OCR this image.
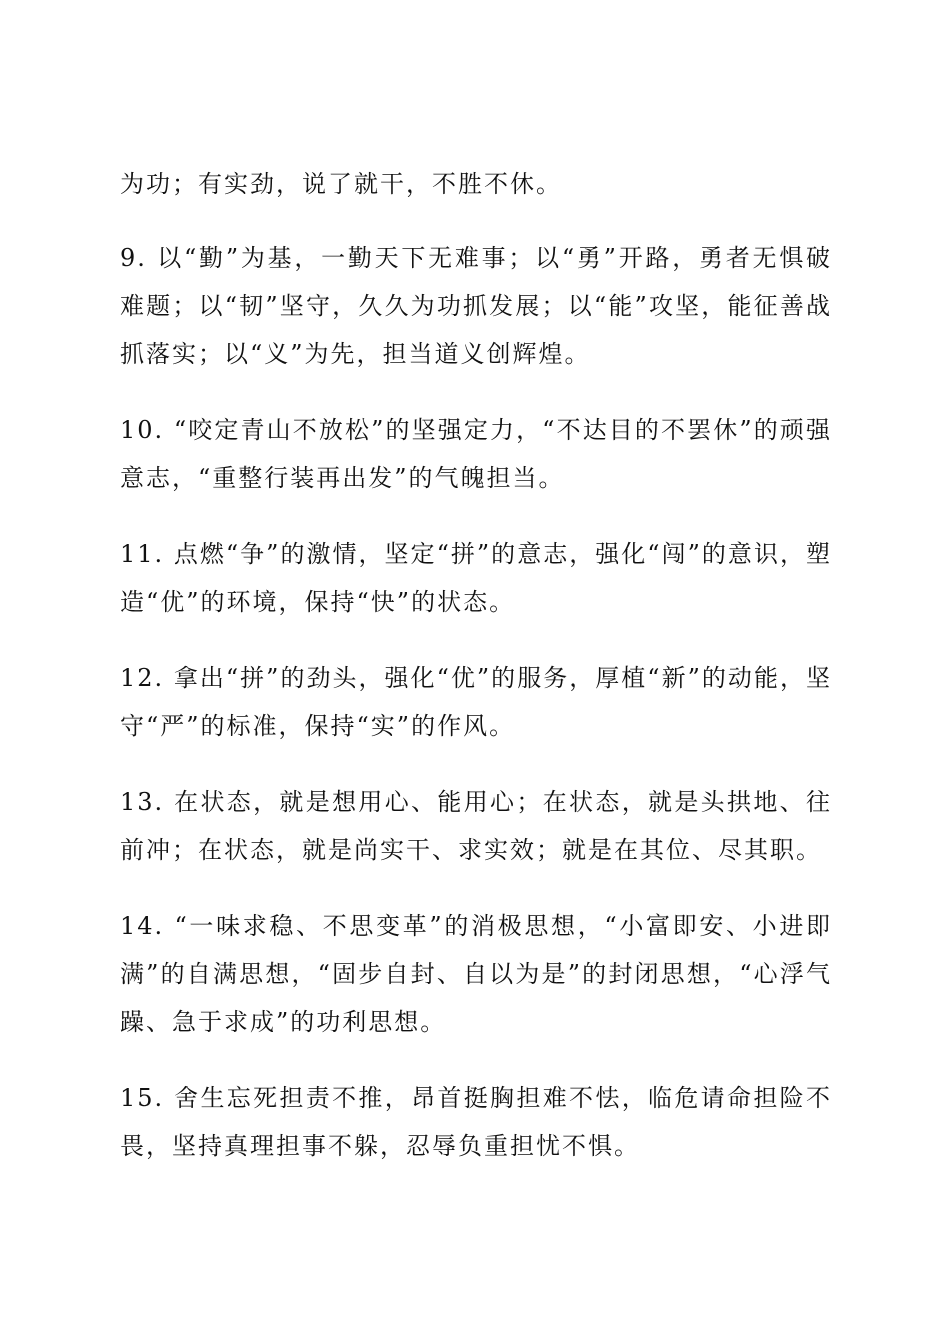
为功；有实劲，说了就干，不胜不休。

9. 以“勤”为基，一勤天下无难事；以“勇”开路，勇者无惧破难题；以“韧”坚守，久久为功抓发展；以“能”攻坚，能征善战抓落实；以“义”为先，担当道义创辉煌。

10. “咬定青山不放松”的坚强定力，“不达目的不罢休”的顽强意志，“重整行装再出发”的气魄担当。

11. 点燃“争”的激情，坚定“拼”的意志，强化“闯”的意识，塑造“优”的环境，保持“快”的状态。

12. 拿出“拼”的劲头，强化“优”的服务，厚植“新”的动能，坚守“严”的标准，保持“实”的作风。

13. 在状态，就是想用心、能用心；在状态，就是头拱地、往前冲；在状态，就是尚实干、求实效；就是在其位、尽其职。

14. “一味求稳、不思变革”的消极思想，“小富即安、小进即满”的自满思想，“固步自封、自以为是”的封闭思想，“心浮气躁、急于求成”的功利思想。

15. 舍生忘死担责不推，昂首挺胸担难不怯，临危请命担险不畏，坚持真理担事不躲，忍辱负重担忧不惧。
